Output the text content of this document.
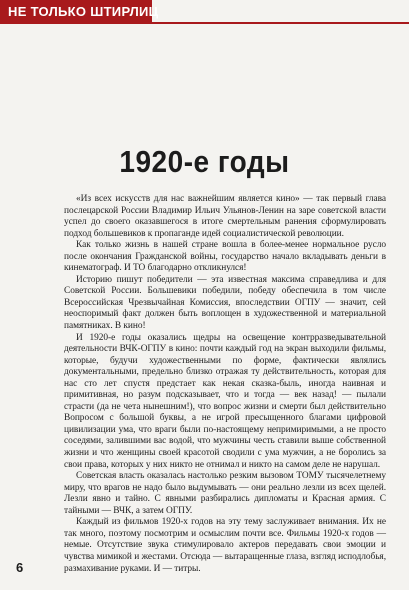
НЕ ТОЛЬКО ШТИРЛИЦ
1920-е годы

«Из всех искусств для нас важнейшим является кино» — так первый глава послецарской России Владимир Ильич Ульянов-Ленин на заре советской власти успел до своего оказавшегося в итоге смертельным ранения сформулировать подход большевиков к пропаганде идей социалистической революции.

Как только жизнь в нашей стране вошла в более-менее нормальное русло после окончания Гражданской войны, государство начало вкладывать деньги в кинематограф. И ТО благодарно откликнулся!

Историю пишут победители — эта известная максима справедлива и для Советской России. Большевики победили, победу обеспечила в том числе Всероссийская Чрезвычайная Комиссия, впоследствии ОГПУ — значит, сей неоспоримый факт должен быть воплощен в художественной и материальной памятниках. В кино!

И 1920-е годы оказались щедры на освещение контрразведывательной деятельности ВЧК-ОГПУ в кино: почти каждый год на экран выходили фильмы, которые, будучи художественными по форме, фактически являлись документальными, предельно близко отражая ту действительность, которая для нас сто лет спустя предстает как некая сказка-быль, иногда наивная и примитивная, но разум подсказывает, что и тогда — век назад! — пылали страсти (да не чета нынешним!), что вопрос жизни и смерти был действительно Вопросом с большой буквы, а не игрой пресыщенного благами цифровой цивилизации ума, что враги были по-настоящему непримиримыми, а не просто соседями, залившими вас водой, что мужчины честь ставили выше собственной жизни и что женщины своей красотой сводили с ума мужчин, а не боролись за свои права, которых у них никто не отнимал и никто на самом деле не нарушал.

Советская власть оказалась настолько резким вызовом ТОМУ тысячелетнему миру, что врагов не надо было выдумывать — они реально лезли из всех щелей. Лезли явно и тайно. С явными разбирались дипломаты и Красная армия. С тайными — ВЧК, а затем ОГПУ.

Каждый из фильмов 1920-х годов на эту тему заслуживает внимания. Их не так много, поэтому посмотрим и осмыслим почти все. Фильмы 1920-х годов — немые. Отсутствие звука стимулировало актеров передавать свои эмоции и чувства мимикой и жестами. Отсюда — вытаращенные глаза, взгляд исподлобья, размахивание руками. И — титры.

6
